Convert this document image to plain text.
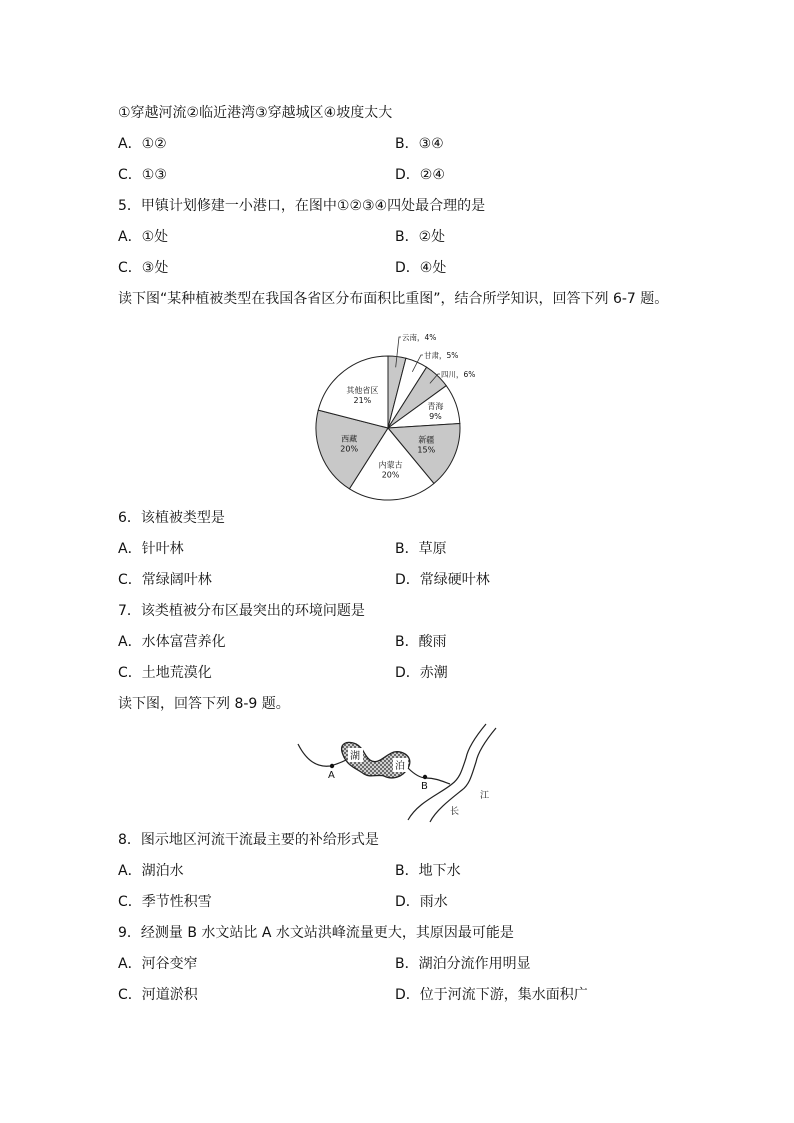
①穿越河流②临近港湾③穿越城区④坡度太大
A．①②	B．③④
C．①③	D．②④
5．甲镇计划修建一小港口，在图中①②③④四处最合理的是
A．①处	B．②处
C．③处	D．④处
读下图“某种植被类型在我国各省区分布面积比重图”，结合所学知识，回答下列 6-7 题。
云南，4%
甘肃，5%
四川，6%
青海
9%
新疆
15%
内蒙古
20%
西藏
20%
其他省区
21%
6．该植被类型是
A．针叶林	B．草原
C．常绿阔叶林	D．常绿硬叶林
7．该类植被分布区最突出的环境问题是
A．水体富营养化	B．酸雨
C．土地荒漠化	D．赤潮
读下图，回答下列 8-9 题。
湖
泊
A
B
江
长
8．图示地区河流干流最主要的补给形式是
A．湖泊水	B．地下水
C．季节性积雪	D．雨水
9．经测量 B 水文站比 A 水文站洪峰流量更大，其原因最可能是
A．河谷变窄	B．湖泊分流作用明显
C．河道淤积	D．位于河流下游，集水面积广
